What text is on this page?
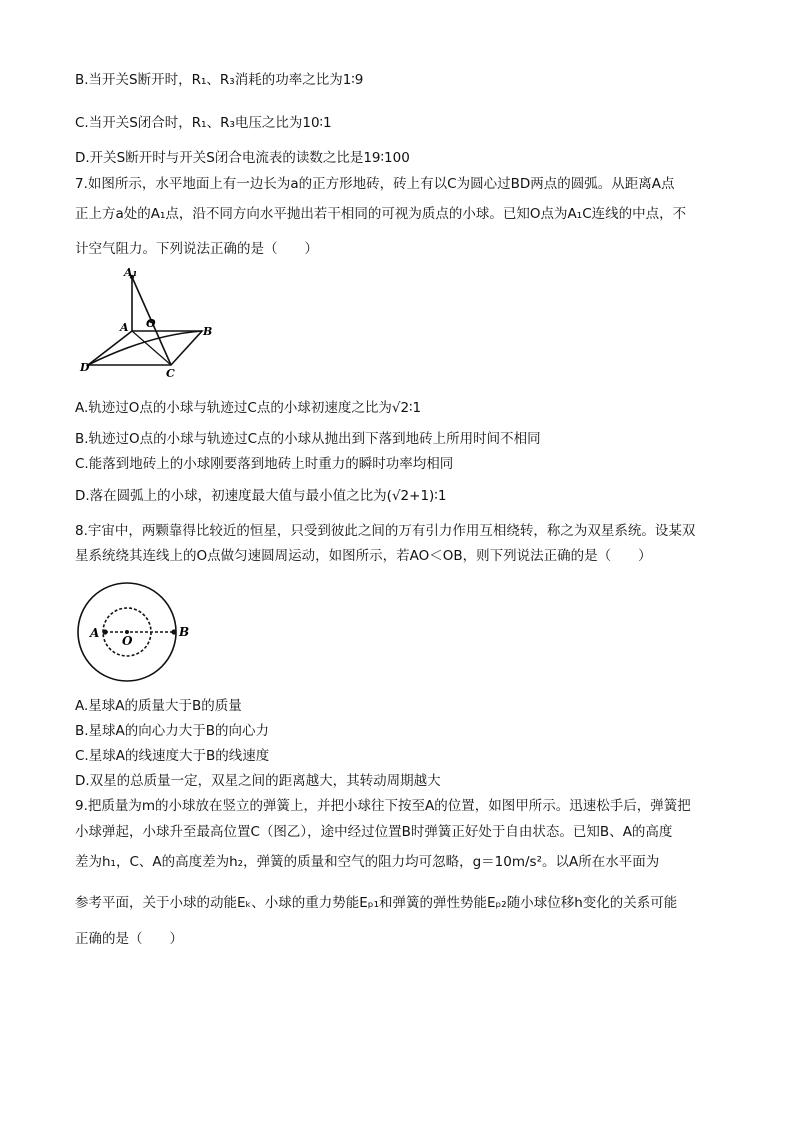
B.当开关S断开时，R₁、R₃消耗的功率之比为1∶9
C.当开关S闭合时，R₁、R₃电压之比为10∶1
D.开关S断开时与开关S闭合电流表的读数之比是19∶100
7.如图所示，水平地面上有一边长为a的正方形地砖，砖上有以C为圆心过BD两点的圆弧。从距离A点
正上方a处的A₁点，沿不同方向水平抛出若干相同的可视为质点的小球。已知O点为A₁C连线的中点，不
计空气阻力。下列说法正确的是（　　）
A₁
A O
B
C
D
A.轨迹过O点的小球与轨迹过C点的小球初速度之比为√2∶1
B.轨迹过O点的小球与轨迹过C点的小球从抛出到下落到地砖上所用时间不相同
C.能落到地砖上的小球刚要落到地砖上时重力的瞬时功率均相同
D.落在圆弧上的小球，初速度最大值与最小值之比为(√2+1)∶1
8.宇宙中，两颗靠得比较近的恒星，只受到彼此之间的万有引力作用互相绕转，称之为双星系统。设某双
星系统绕其连线上的O点做匀速圆周运动，如图所示，若AO＜OB，则下列说法正确的是（　　）
A
O
B
A.星球A的质量大于B的质量
B.星球A的向心力大于B的向心力
C.星球A的线速度大于B的线速度
D.双星的总质量一定，双星之间的距离越大，其转动周期越大
9.把质量为m的小球放在竖立的弹簧上，并把小球往下按至A的位置，如图甲所示。迅速松手后，弹簧把
小球弹起，小球升至最高位置C（图乙），途中经过位置B时弹簧正好处于自由状态。已知B、A的高度
差为h₁，C、A的高度差为h₂，弹簧的质量和空气的阻力均可忽略，g＝10m/s²。以A所在水平面为
参考平面，关于小球的动能Eₖ、小球的重力势能Eₚ₁和弹簧的弹性势能Eₚ₂随小球位移h变化的关系可能
正确的是（　　）
